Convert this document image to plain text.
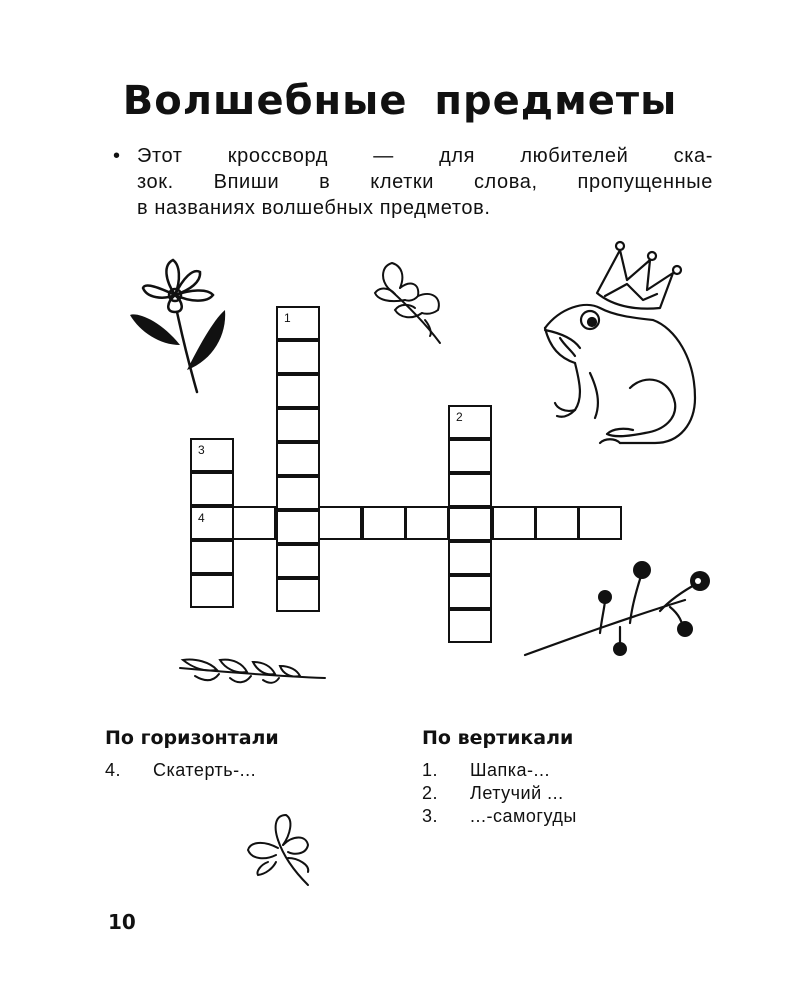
Волшебные предметы
• Этот кроссворд — для любителей ска-
зок. Впиши в клетки слова, пропущенные
в названиях волшебных предметов.
1
2
3
4
По горизонтали
4. Скатерть-...
По вертикали
1. Шапка-...
2. Летучий ...
3. ...-самогуды
10
